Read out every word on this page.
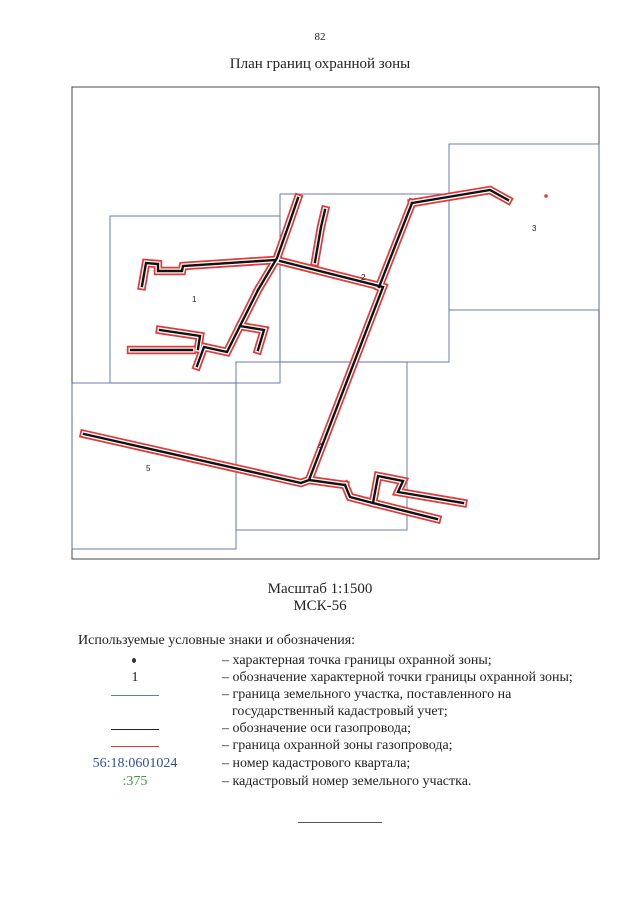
82
План границ охранной зоны
1
2
3
4
5
Масштаб 1:1500
МСК-56
Используемые условные знаки и обозначения:
– характерная точка границы охранной зоны;
1	– обозначение характерной точки границы охранной зоны;
– граница земельного участка, поставленного на
государственный кадастровый учет;
– обозначение оси газопровода;
– граница охранной зоны газопровода;
56:18:0601024	– номер кадастрового квартала;
:375	– кадастровый номер земельного участка.
